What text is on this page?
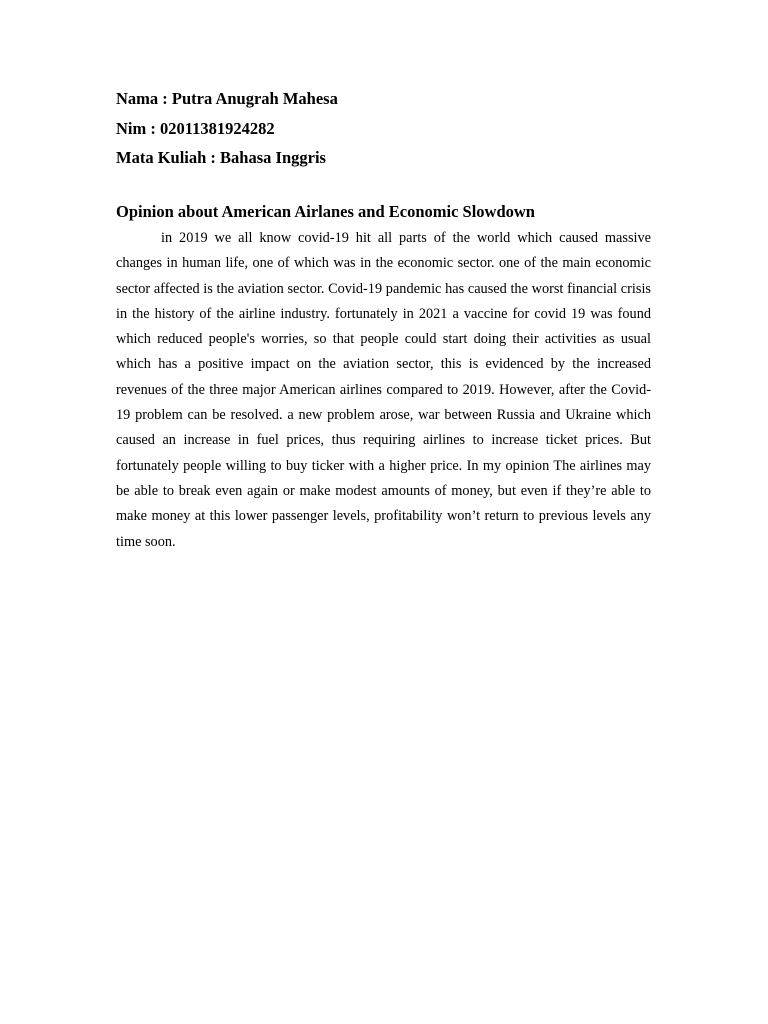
Nama : Putra Anugrah Mahesa

Nim : 02011381924282

Mata Kuliah : Bahasa Inggris

Opinion about American Airlanes and Economic Slowdown

in 2019 we all know covid-19 hit all parts of the world which caused massive changes in human life, one of which was in the economic sector. one of the main economic sector affected is the aviation sector. Covid-19 pandemic has caused the worst financial crisis in the history of the airline industry. fortunately in 2021 a vaccine for covid 19 was found which reduced people's worries, so that people could start doing their activities as usual which has a positive impact on the aviation sector, this is evidenced by the increased revenues of the three major American airlines compared to 2019. However, after the Covid-19 problem can be resolved. a new problem arose, war between Russia and Ukraine which caused an increase in fuel prices, thus requiring airlines to increase ticket prices. But fortunately people willing to buy ticker with a higher price. In my opinion The airlines may be able to break even again or make modest amounts of money, but even if they’re able to make money at this lower passenger levels, profitability won’t return to previous levels any time soon.
